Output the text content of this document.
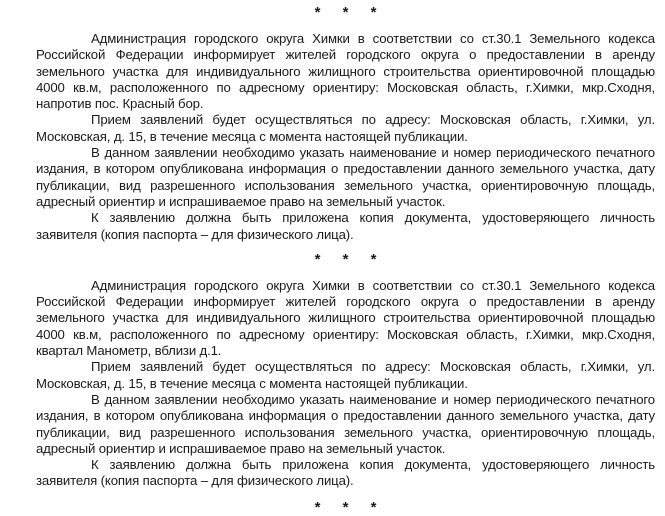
* * *

Администрация городского округа Химки в соответствии со ст.30.1 Земельного кодекса Российской Федерации информирует жителей городского округа о предоставлении в аренду земельного участка для индивидуального жилищного строительства ориентировочной площадью 4000 кв.м, расположенного по адресному ориентиру: Московская область, г.Химки, мкр.Сходня, напротив пос. Красный бор.

Прием заявлений будет осуществляться по адресу: Московская область, г.Химки, ул. Московская, д. 15, в течение месяца с момента настоящей публикации.

В данном заявлении необходимо указать наименование и номер периодического печатного издания, в котором опубликована информация о предоставлении данного земельного участка, дату публикации, вид разрешенного использования земельного участка, ориентировочную площадь, адресный ориентир и испрашиваемое право на земельный участок.

К заявлению должна быть приложена копия документа, удостоверяющего личность заявителя (копия паспорта – для физического лица).

* * *

Администрация городского округа Химки в соответствии со ст.30.1 Земельного кодекса Российской Федерации информирует жителей городского округа о предоставлении в аренду земельного участка для индивидуального жилищного строительства ориентировочной площадью 4000 кв.м, расположенного по адресному ориентиру: Московская область, г.Химки, мкр.Сходня, квартал Манометр, вблизи д.1.

Прием заявлений будет осуществляться по адресу: Московская область, г.Химки, ул. Московская, д. 15, в течение месяца с момента настоящей публикации.

В данном заявлении необходимо указать наименование и номер периодического печатного издания, в котором опубликована информация о предоставлении данного земельного участка, дату публикации, вид разрешенного использования земельного участка, ориентировочную площадь, адресный ориентир и испрашиваемое право на земельный участок.

К заявлению должна быть приложена копия документа, удостоверяющего личность заявителя (копия паспорта – для физического лица).

* * *
